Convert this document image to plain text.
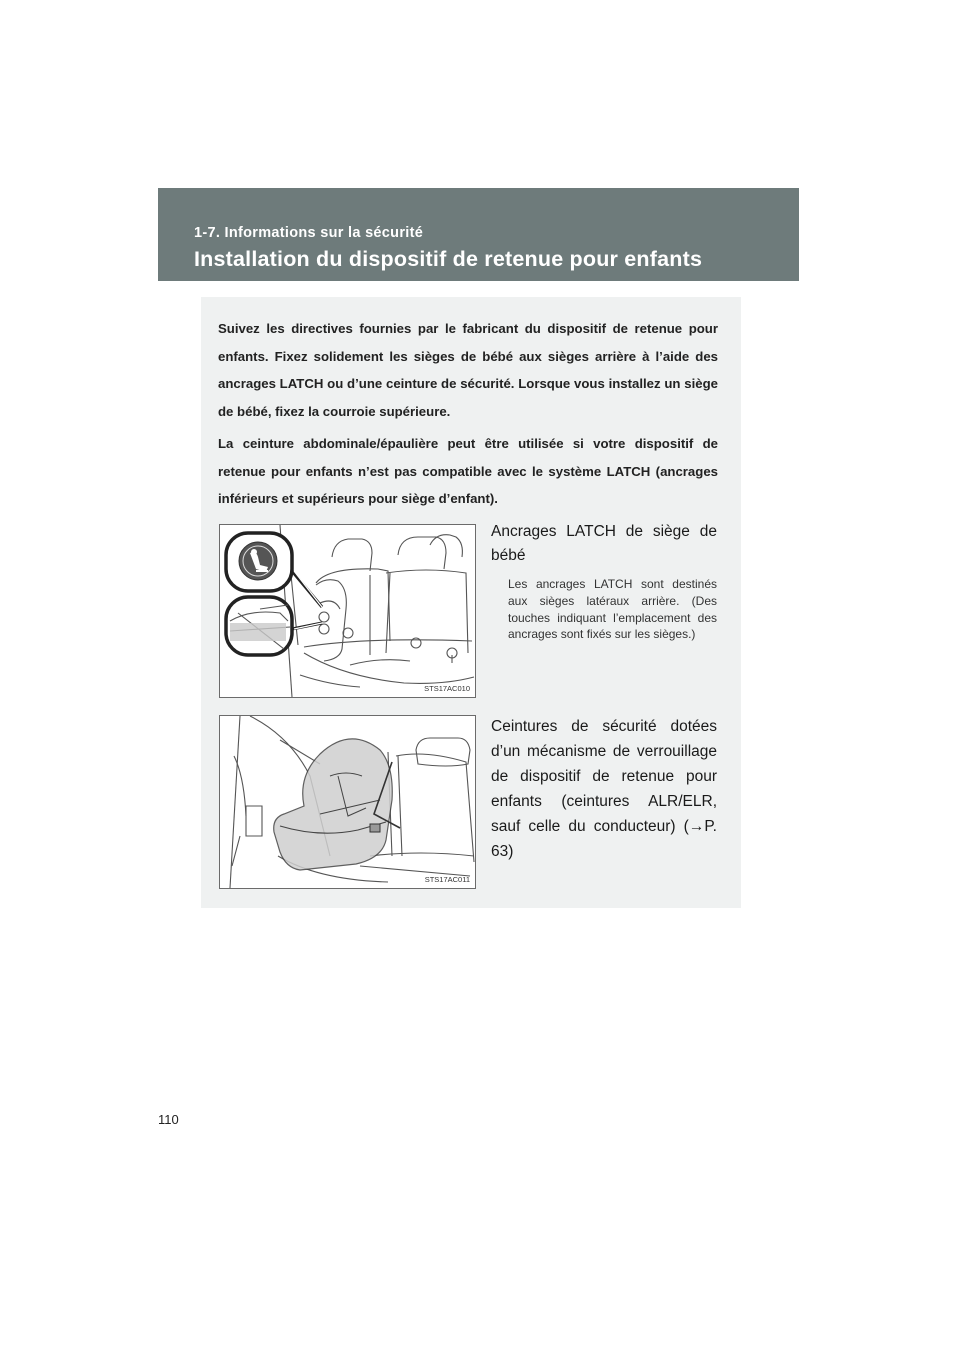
1-7. Informations sur la sécurité
Installation du dispositif de retenue pour enfants

Suivez les directives fournies par le fabricant du dispositif de retenue pour enfants. Fixez solidement les sièges de bébé aux sièges arrière à l’aide des ancrages LATCH ou d’une ceinture de sécurité. Lorsque vous installez un siège de bébé, fixez la courroie supérieure.

La ceinture abdominale/épaulière peut être utilisée si votre dispositif de retenue pour enfants n’est pas compatible avec le système LATCH (ancrages inférieurs et supérieurs pour siège d’enfant).

STS17AC010
Ancrages LATCH de siège de bébé
Les ancrages LATCH sont destinés aux sièges latéraux arrière. (Des touches indiquant l’emplacement des ancrages sont fixés sur les sièges.)
STS17AC011
Ceintures de sécurité dotées d’un mécanisme de verrouillage de dispositif de retenue pour enfants (ceintures ALR/ELR, sauf celle du conducteur) (→P. 63)
110
